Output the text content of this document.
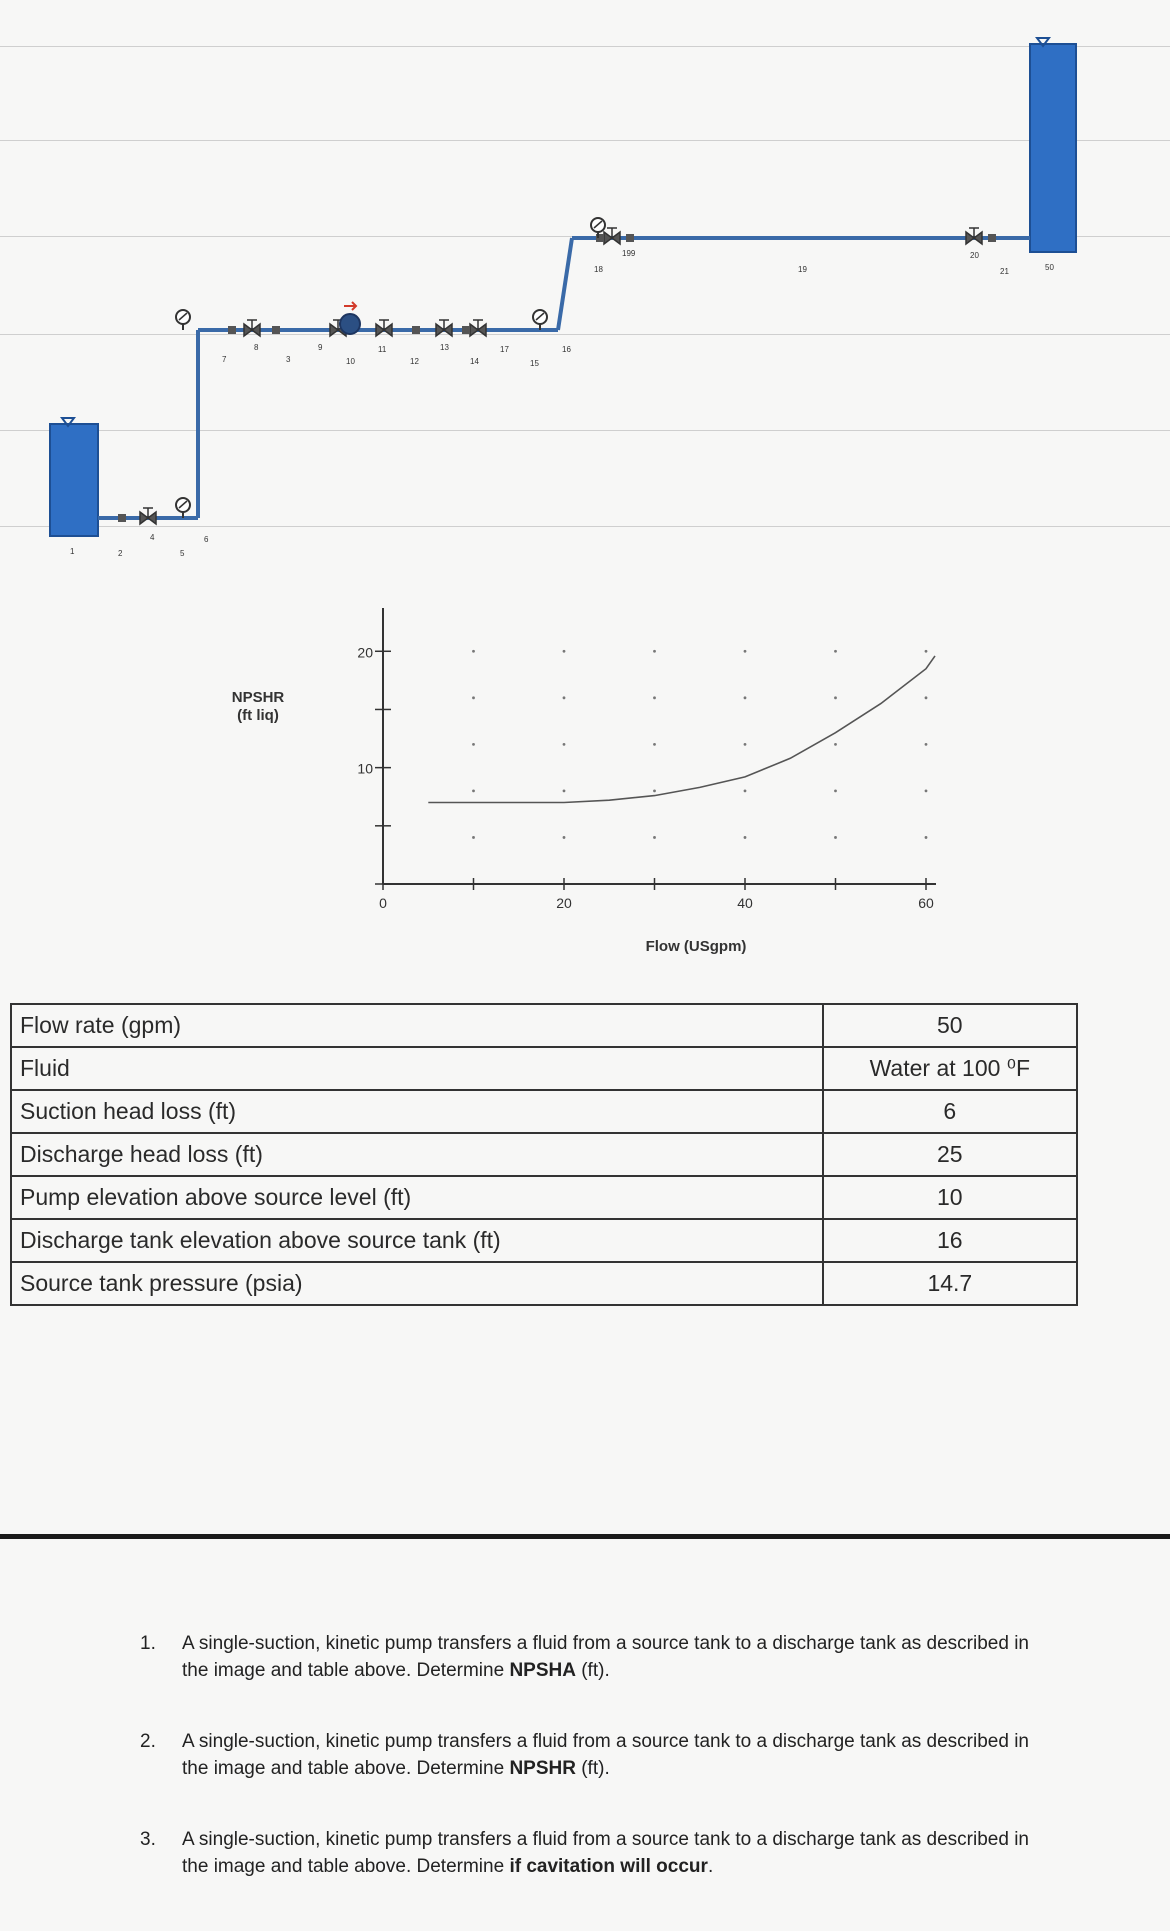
1	2
4
5
6
7
8
3
9
10
11
12
13
14
17
15
16
18
199
19
20
21	50
10
20
0	20	40	60
NPSHR (ft liq)
Flow (USgpm)
Flow rate (gpm)	50
Fluid	Water at 100 ⁰F
Suction head loss (ft)	6
Discharge head loss (ft)	25
Pump elevation above source level (ft)	10
Discharge tank elevation above source tank (ft)	16
Source tank pressure (psia)	14.7
1. A single-suction, kinetic pump transfers a fluid from a source tank to a discharge tank as described in the image and table above. Determine NPSHA (ft).
2. A single-suction, kinetic pump transfers a fluid from a source tank to a discharge tank as described in the image and table above. Determine NPSHR (ft).
3. A single-suction, kinetic pump transfers a fluid from a source tank to a discharge tank as described in the image and table above. Determine if cavitation will occur.
